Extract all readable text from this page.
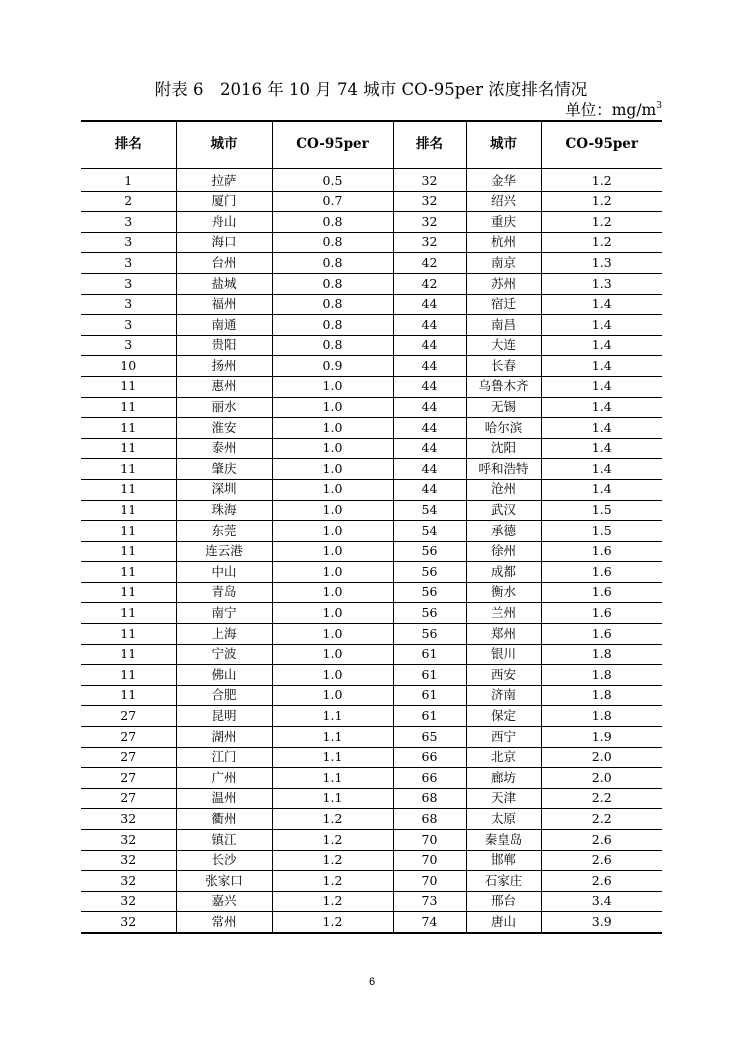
附表 6　2016 年 10 月 74 城市 CO-95per 浓度排名情况
单位：$mg/m^3$
排名	城市	CO-95per	排名	城市	CO-95per
1	拉萨	0.5	32	金华	1.2
2	厦门	0.7	32	绍兴	1.2
3	舟山	0.8	32	重庆	1.2
3	海口	0.8	32	杭州	1.2
3	台州	0.8	42	南京	1.3
3	盐城	0.8	42	苏州	1.3
3	福州	0.8	44	宿迁	1.4
3	南通	0.8	44	南昌	1.4
3	贵阳	0.8	44	大连	1.4
10	扬州	0.9	44	长春	1.4
11	惠州	1.0	44	乌鲁木齐	1.4
11	丽水	1.0	44	无锡	1.4
11	淮安	1.0	44	哈尔滨	1.4
11	泰州	1.0	44	沈阳	1.4
11	肇庆	1.0	44	呼和浩特	1.4
11	深圳	1.0	44	沧州	1.4
11	珠海	1.0	54	武汉	1.5
11	东莞	1.0	54	承德	1.5
11	连云港	1.0	56	徐州	1.6
11	中山	1.0	56	成都	1.6
11	青岛	1.0	56	衡水	1.6
11	南宁	1.0	56	兰州	1.6
11	上海	1.0	56	郑州	1.6
11	宁波	1.0	61	银川	1.8
11	佛山	1.0	61	西安	1.8
11	合肥	1.0	61	济南	1.8
27	昆明	1.1	61	保定	1.8
27	湖州	1.1	65	西宁	1.9
27	江门	1.1	66	北京	2.0
27	广州	1.1	66	廊坊	2.0
27	温州	1.1	68	天津	2.2
32	衢州	1.2	68	太原	2.2
32	镇江	1.2	70	秦皇岛	2.6
32	长沙	1.2	70	邯郸	2.6
32	张家口	1.2	70	石家庄	2.6
32	嘉兴	1.2	73	邢台	3.4
32	常州	1.2	74	唐山	3.9
6
